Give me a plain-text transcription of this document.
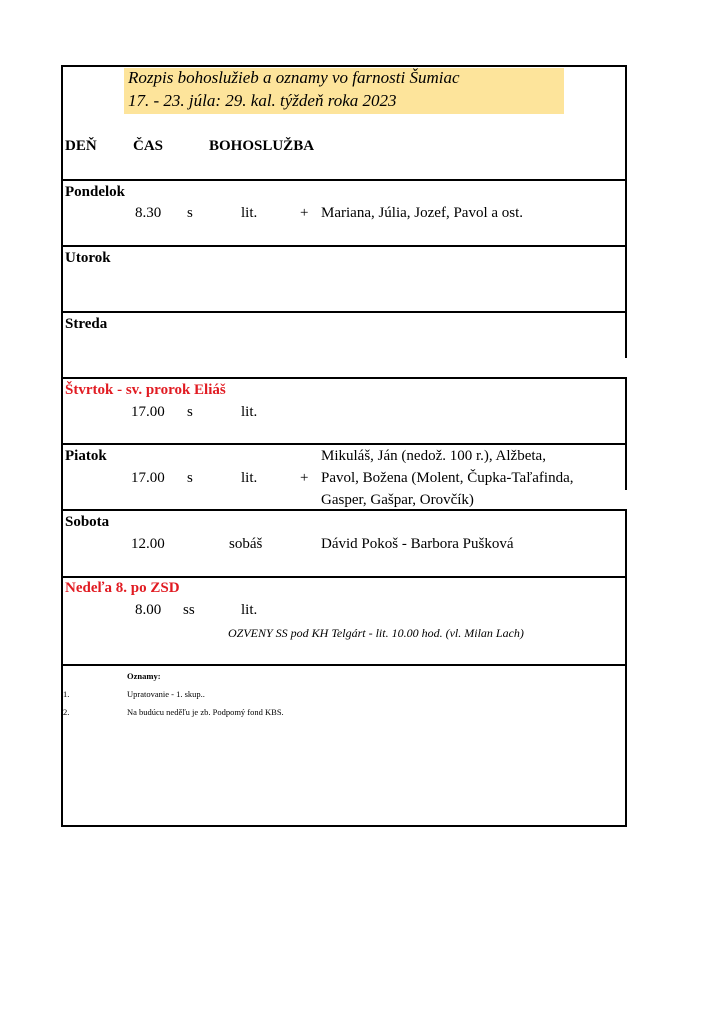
Rozpis bohoslužieb a oznamy vo farnosti Šumiac
17. - 23. júla: 29. kal. týždeň roka 2023
DEŇ ČAS	BOHOSLUŽBA
Pondelok
8.30 s	lit.	+ Mariana, Júlia, Jozef, Pavol a ost.
Utorok
Streda
Štvrtok - sv. prorok Eliáš
17.00 s	lit.
Piatok
17.00 s	lit.	+
Mikuláš, Ján (nedož. 100 r.), Alžbeta,
Pavol, Božena (Molent, Čupka-Taľafinda,
Gasper, Gašpar, Orovčík)
Sobota
12.00	sobáš	Dávid Pokoš - Barbora Pušková
Nedeľa 8. po ZSD
8.00 ss	lit.
OZVENY SS pod KH Telgárt - lit. 10.00 hod. (vl. Milan Lach)
Oznamy:
1.	Upratovanie - 1. skup..
2.	Na budúcu neděľu je zb. Podpomý fond KBS.
